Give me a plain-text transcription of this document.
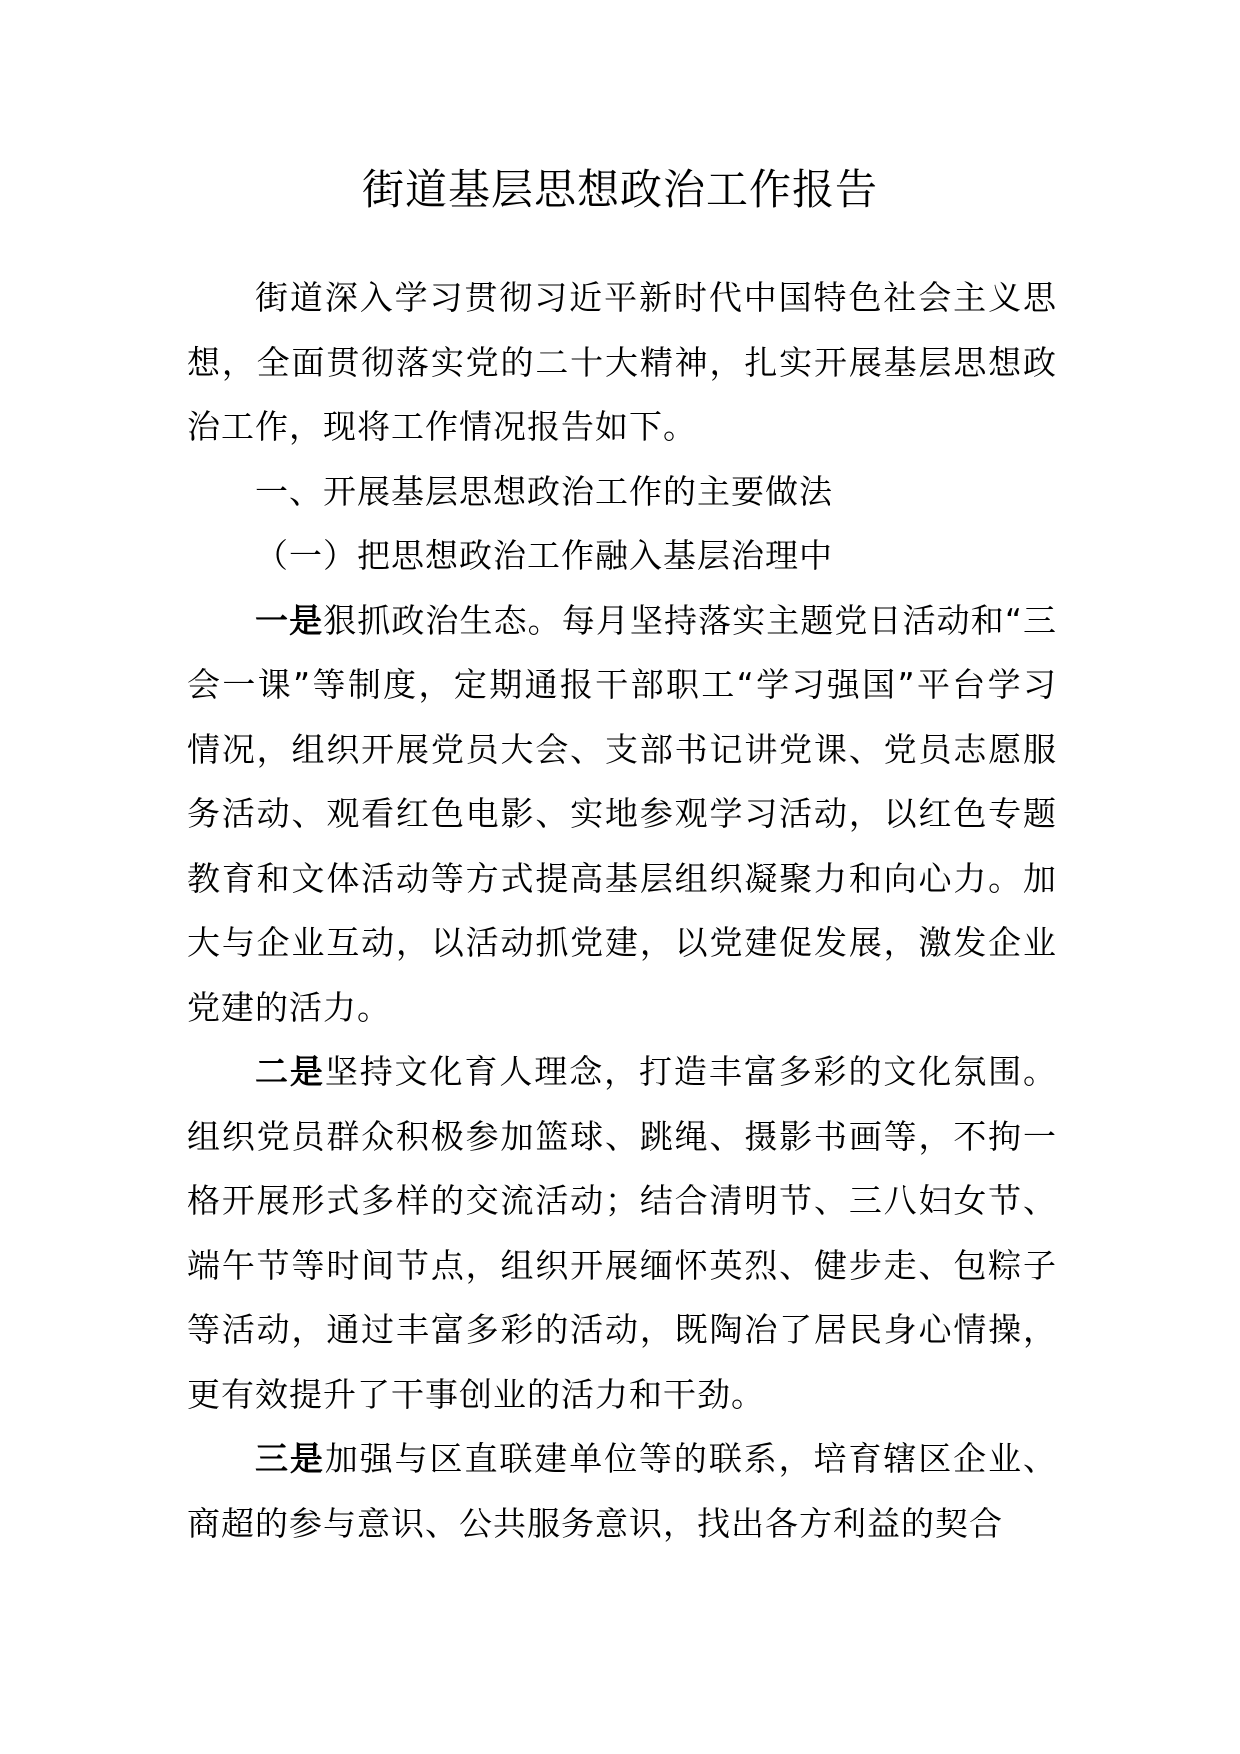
街道基层思想政治工作报告

街道深入学习贯彻习近平新时代中国特色社会主义思想，全面贯彻落实党的二十大精神，扎实开展基层思想政治工作，现将工作情况报告如下。

一、开展基层思想政治工作的主要做法

（一）把思想政治工作融入基层治理中

一是狠抓政治生态。每月坚持落实主题党日活动和“三会一课”等制度，定期通报干部职工“学习强国”平台学习情况，组织开展党员大会、支部书记讲党课、党员志愿服务活动、观看红色电影、实地参观学习活动，以红色专题教育和文体活动等方式提高基层组织凝聚力和向心力。加大与企业互动，以活动抓党建，以党建促发展，激发企业党建的活力。

二是坚持文化育人理念，打造丰富多彩的文化氛围。组织党员群众积极参加篮球、跳绳、摄影书画等，不拘一格开展形式多样的交流活动；结合清明节、三八妇女节、端午节等时间节点，组织开展缅怀英烈、健步走、包粽子等活动，通过丰富多彩的活动，既陶冶了居民身心情操，更有效提升了干事创业的活力和干劲。

三是加强与区直联建单位等的联系，培育辖区企业、商超的参与意识、公共服务意识，找出各方利益的契合
